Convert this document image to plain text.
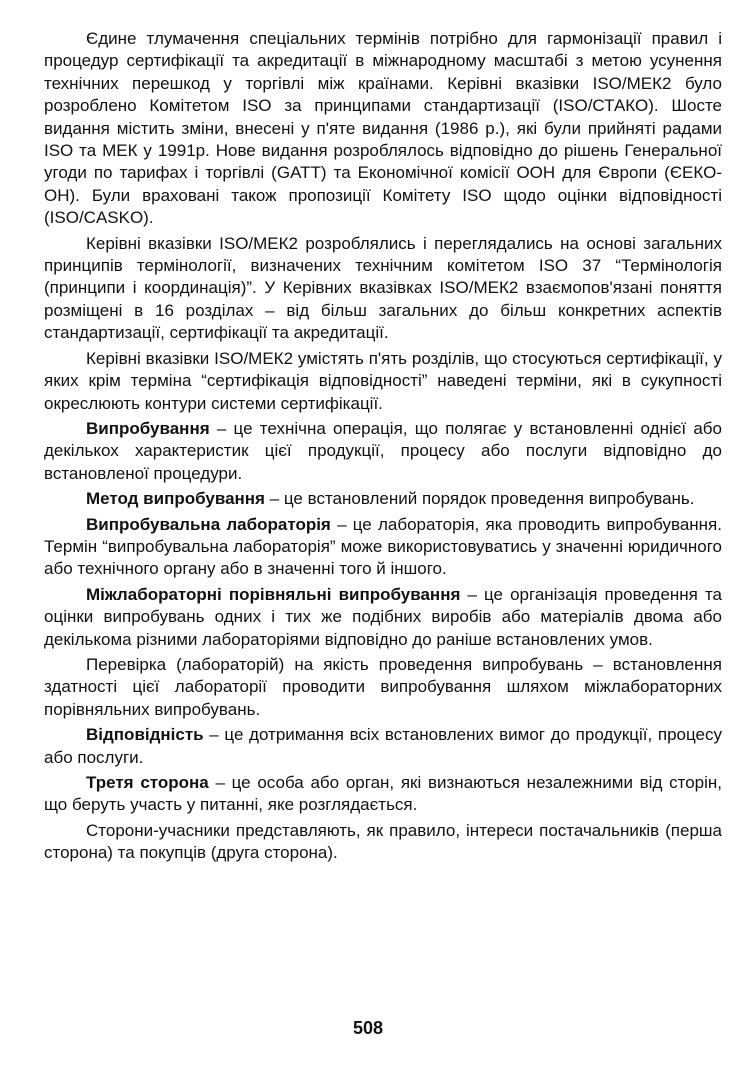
Єдине тлумачення спеціальних термінів потрібно для гармонізації правил і процедур сертифікації та акредитації в міжнародному масштабі з метою усунення технічних перешкод у торгівлі між країнами. Керівні вказівки ISO/МЕК2 було розроблено Комітетом ISO за принципами стандартизації (ISO/СТАКО). Шосте видання містить зміни, внесені у п'яте видання (1986 р.), які були прийняті радами ISO та МЕК у 1991р. Нове видання розроблялось відповідно до рішень Генеральної угоди по тарифах і торгівлі (GATT) та Економічної комісії ООН для Європи (ЄЕКО-ОН). Були враховані також пропозиції Комітету ISO щодо оцінки відповідності (ISO/CASKO).

Керівні вказівки ISO/МЕК2 розроблялись і переглядались на основі загальних принципів термінології, визначених технічним комітетом ISO 37 “Термінологія (принципи і координація)”. У Керівних вказівках ISO/МЕК2 взаємопов'язані поняття розміщені в 16 розділах – від більш загальних до більш конкретних аспектів стандартизації, сертифікації та акредитації.

Керівні вказівки ISO/МЕК2 умістять п'ять розділів, що стосуються сертифікації, у яких крім терміна “сертифікація відповідності” наведені терміни, які в сукупності окреслюють контури системи сертифікації.

Випробування – це технічна операція, що полягає у встановленні однієї або декількох характеристик цієї продукції, процесу або послуги відповідно до встановленої процедури.

Метод випробування – це встановлений порядок проведення випробувань.

Випробувальна лабораторія – це лабораторія, яка проводить випробування. Термін “випробувальна лабораторія” може використовуватись у значенні юридичного або технічного органу або в значенні того й іншого.

Міжлабораторні порівняльні випробування – це організація проведення та оцінки випробувань одних і тих же подібних виробів або матеріалів двома або декількома різними лабораторіями відповідно до раніше встановлених умов.

Перевірка (лабораторій) на якість проведення випробувань – встановлення здатності цієї лабораторії проводити випробування шляхом міжлабораторних порівняльних випробувань.

Відповідність – це дотримання всіх встановлених вимог до продукції, процесу або послуги.

Третя сторона – це особа або орган, які визнаються незалежними від сторін, що беруть участь у питанні, яке розглядається.

Сторони-учасники представляють, як правило, інтереси постачальників (перша сторона) та покупців (друга сторона).

508
